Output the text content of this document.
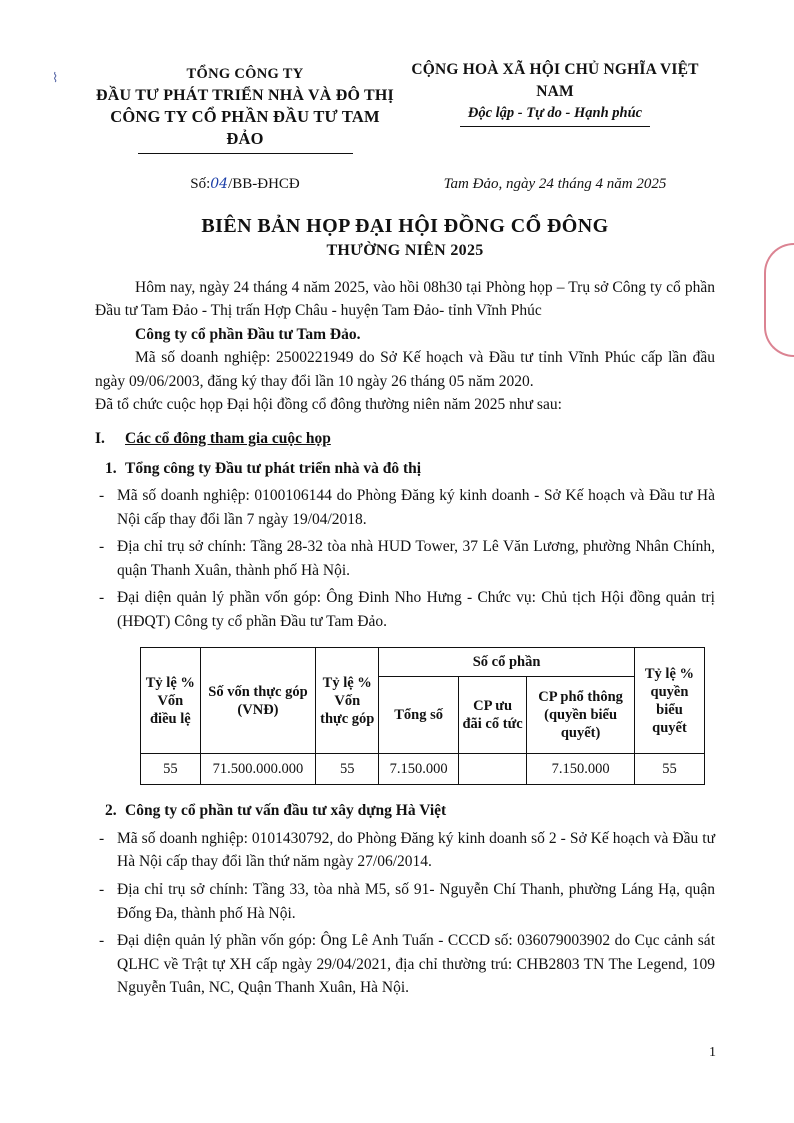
⌇	TỔNG CÔNG TY
ĐẦU TƯ PHÁT TRIỂN NHÀ VÀ ĐÔ THỊ
CÔNG TY CỔ PHẦN ĐẦU TƯ TAM ĐẢO
CỘNG HOÀ XÃ HỘI CHỦ NGHĨA VIỆT NAM
Độc lập - Tự do - Hạnh phúc
Số:04/BB-ĐHCĐ	Tam Đảo, ngày 24 tháng 4 năm 2025
BIÊN BẢN HỌP ĐẠI HỘI ĐỒNG CỔ ĐÔNG
THƯỜNG NIÊN 2025

Hôm nay, ngày 24 tháng 4 năm 2025, vào hồi 08h30 tại Phòng họp – Trụ sở Công ty cổ phần Đầu tư Tam Đảo - Thị trấn Hợp Châu - huyện Tam Đảo- tỉnh Vĩnh Phúc

Công ty cổ phần Đầu tư Tam Đảo.

Mã số doanh nghiệp: 2500221949 do Sở Kế hoạch và Đầu tư tỉnh Vĩnh Phúc cấp lần đầu ngày 09/06/2003, đăng ký thay đổi lần 10 ngày 26 tháng 05 năm 2020.

Đã tổ chức cuộc họp Đại hội đồng cổ đông thường niên năm 2025 như sau:

I.	Các cổ đông tham gia cuộc họp
1. Tổng công ty Đầu tư phát triển nhà và đô thị
- Mã số doanh nghiệp: 0100106144 do Phòng Đăng ký kinh doanh - Sở Kế hoạch và Đầu tư Hà Nội cấp thay đổi lần 7 ngày 19/04/2018.
- Địa chỉ trụ sở chính: Tầng 28-32 tòa nhà HUD Tower, 37 Lê Văn Lương, phường Nhân Chính, quận Thanh Xuân, thành phố Hà Nội.
- Đại diện quản lý phần vốn góp: Ông Đinh Nho Hưng - Chức vụ: Chủ tịch Hội đồng quản trị (HĐQT) Công ty cổ phần Đầu tư Tam Đảo.
Tỷ lệ % Vốn điều lệ	Số vốn thực góp (VNĐ)	Tỷ lệ % Vốn thực góp	Số cổ phần			Tỷ lệ % quyền biểu quyết
			Tổng số	CP ưu đãi cổ tức	CP phổ thông (quyền biểu quyết)	
55	71.500.000.000	55	7.150.000		7.150.000	55
2. Công ty cổ phần tư vấn đầu tư xây dựng Hà Việt
- Mã số doanh nghiệp: 0101430792, do Phòng Đăng ký kinh doanh số 2 - Sở Kế hoạch và Đầu tư Hà Nội cấp thay đổi lần thứ năm ngày 27/06/2014.
- Địa chỉ trụ sở chính: Tầng 33, tòa nhà M5, số 91- Nguyễn Chí Thanh, phường Láng Hạ, quận Đống Đa, thành phố Hà Nội.
- Đại diện quản lý phần vốn góp: Ông Lê Anh Tuấn - CCCD số: 036079003902 do Cục cảnh sát QLHC về Trật tự XH cấp ngày 29/04/2021, địa chỉ thường trú: CHB2803 TN The Legend, 109 Nguyễn Tuân, NC, Quận Thanh Xuân, Hà Nội.
1
